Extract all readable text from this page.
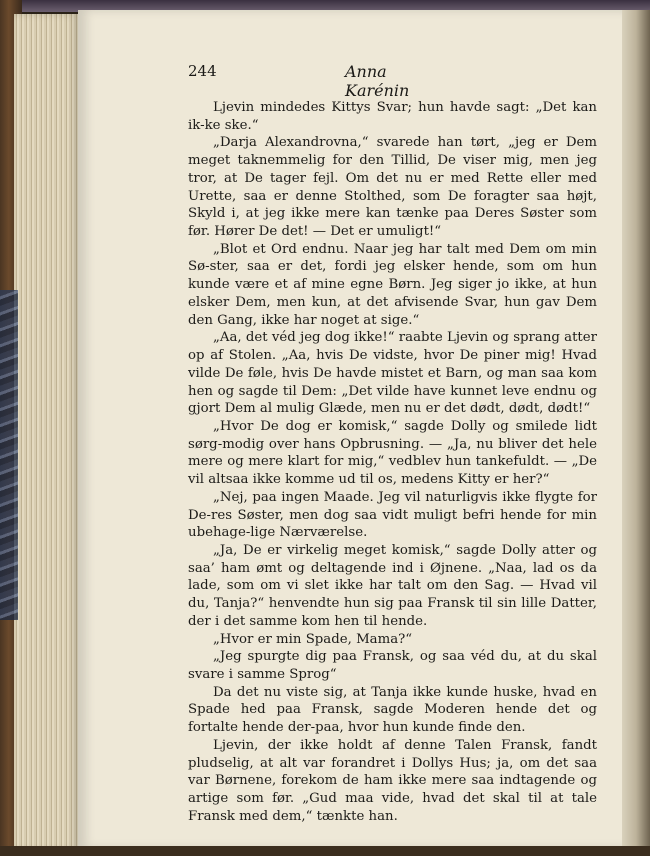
244	Anna Karénin

Ljevin mindedes Kittys Svar; hun havde sagt: „Det kan ik-ke ske.“

„Darja Alexandrovna,“ svarede han tørt, „jeg er Dem meget taknemmelig for den Tillid, De viser mig, men jeg tror, at De tager fejl. Om det nu er med Rette eller med Urette, saa er denne Stolthed, som De foragter saa højt, Skyld i, at jeg ikke mere kan tænke paa Deres Søster som før. Hører De det! — Det er umuligt!“

„Blot et Ord endnu. Naar jeg har talt med Dem om min Sø-ster, saa er det, fordi jeg elsker hende, som om hun kunde være et af mine egne Børn. Jeg siger jo ikke, at hun elsker Dem, men kun, at det afvisende Svar, hun gav Dem den Gang, ikke har noget at sige.“

„Aa, det véd jeg dog ikke!“ raabte Ljevin og sprang atter op af Stolen. „Aa, hvis De vidste, hvor De piner mig! Hvad vilde De føle, hvis De havde mistet et Barn, og man saa kom hen og sagde til Dem: „Det vilde have kunnet leve endnu og gjort Dem al mulig Glæde, men nu er det dødt, dødt, dødt!“

„Hvor De dog er komisk,“ sagde Dolly og smilede lidt sørg-modig over hans Opbrusning. — „Ja, nu bliver det hele mere og mere klart for mig,“ vedblev hun tankefuldt. — „De vil altsaa ikke komme ud til os, medens Kitty er her?“

„Nej, paa ingen Maade. Jeg vil naturligvis ikke flygte for De-res Søster, men dog saa vidt muligt befri hende for min ubehage-lige Nærværelse.

„Ja, De er virkelig meget komisk,“ sagde Dolly atter og saa’ ham ømt og deltagende ind i Øjnene. „Naa, lad os da lade, som om vi slet ikke har talt om den Sag. — Hvad vil du, Tanja?“ henvendte hun sig paa Fransk til sin lille Datter, der i det samme kom hen til hende.

„Hvor er min Spade, Mama?“

„Jeg spurgte dig paa Fransk, og saa véd du, at du skal svare i samme Sprog“

Da det nu viste sig, at Tanja ikke kunde huske, hvad en Spade hed paa Fransk, sagde Moderen hende det og fortalte hende der-paa, hvor hun kunde finde den.

Ljevin, der ikke holdt af denne Talen Fransk, fandt pludselig, at alt var forandret i Dollys Hus; ja, om det saa var Børnene, forekom de ham ikke mere saa indtagende og artige som før. „Gud maa vide, hvad det skal til at tale Fransk med dem,“ tænkte han.
